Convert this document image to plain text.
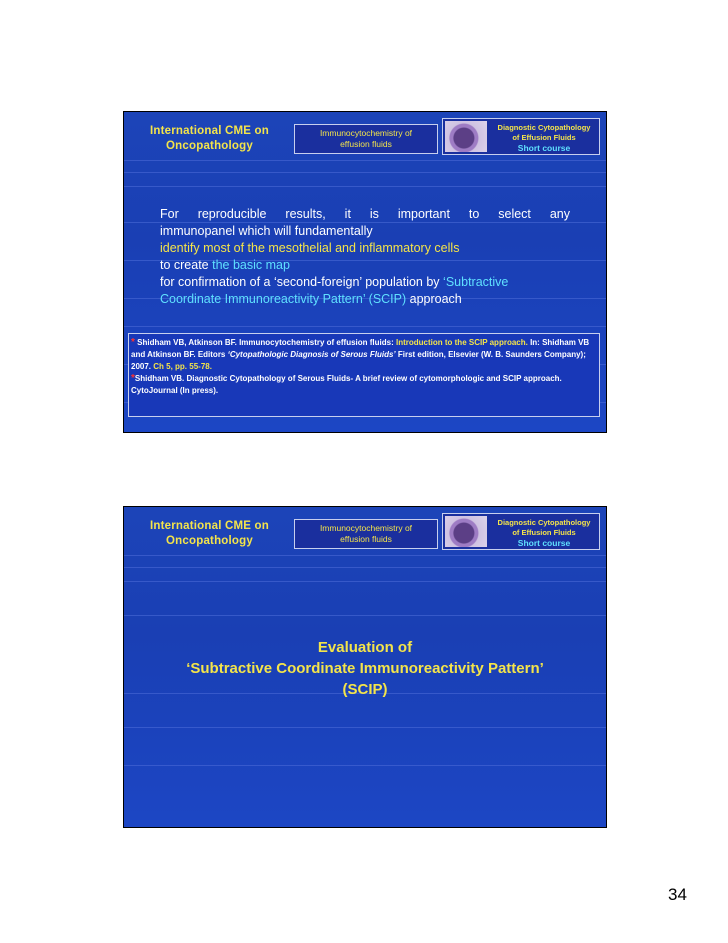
International CME on
Oncopathology
Immunocytochemistry of
effusion fluids
Diagnostic Cytopathology
of Effusion Fluids
Short course
For reproducible results, it is important to select any
immunopanel which will fundamentally
identify most of the mesothelial and inflammatory cells
to create the basic map
for confirmation of a ‘second-foreign’ population by ‘Subtractive
Coordinate Immunoreactivity Pattern’ (SCIP) approach
* Shidham VB, Atkinson BF. Immunocytochemistry of effusion fluids: Introduction to the SCIP approach. In: Shidham VB and Atkinson BF. Editors ‘Cytopathologic Diagnosis of Serous Fluids’ First edition, Elsevier (W. B. Saunders Company); 2007. Ch 5, pp. 55-78.
*Shidham VB. Diagnostic Cytopathology of Serous Fluids- A brief review of cytomorphologic and SCIP approach. CytoJournal (In press).
International CME on
Oncopathology
Immunocytochemistry of
effusion fluids
Diagnostic Cytopathology
of Effusion Fluids
Short course
Evaluation of
‘Subtractive Coordinate Immunoreactivity Pattern’
(SCIP)
34
